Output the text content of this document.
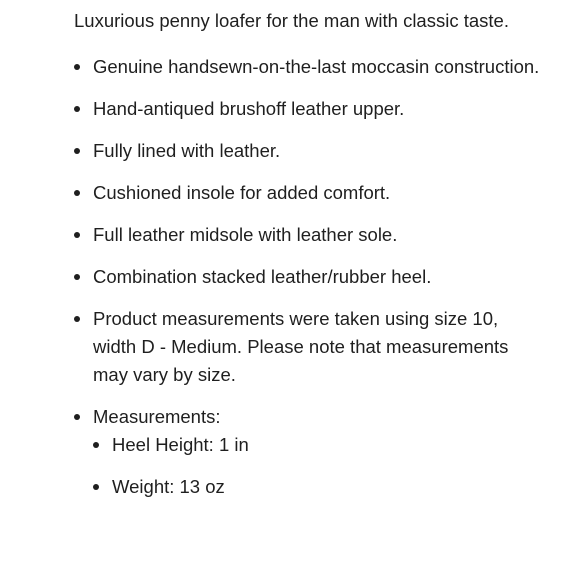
Luxurious penny loafer for the man with classic taste.

Genuine handsewn-on-the-last moccasin construction.
Hand-antiqued brushoff leather upper.
Fully lined with leather.
Cushioned insole for added comfort.
Full leather midsole with leather sole.
Combination stacked leather/rubber heel.
Product measurements were taken using size 10, width D - Medium. Please note that measurements may vary by size.
Measurements:
Heel Height: 1 in
Weight: 13 oz
